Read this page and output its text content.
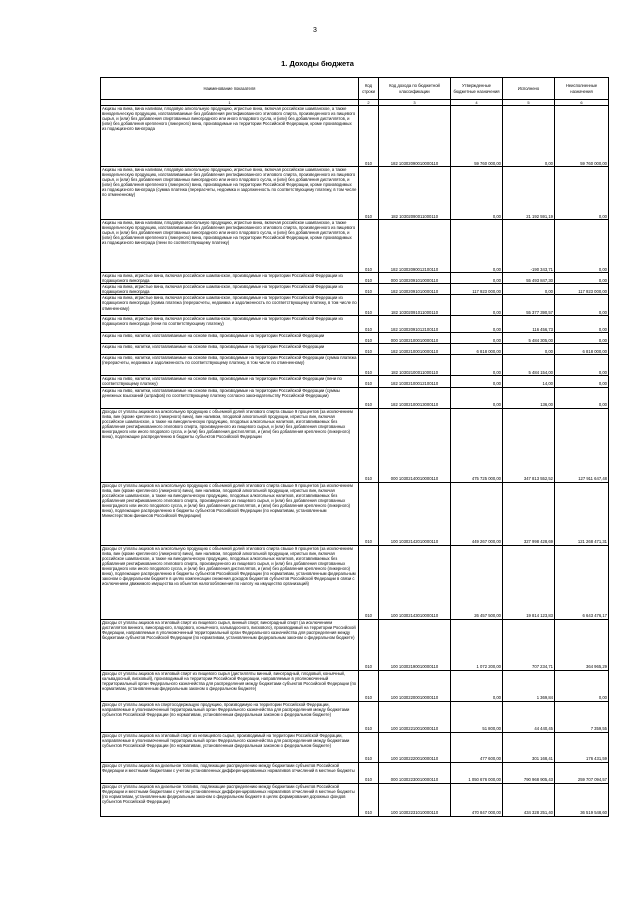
3
1. Доходы бюджета
Наименование показателя	Код строки	Код дохода по бюджетной классификации	Утвержденные бюджетные назначения	Исполнено	Неисполненные назначения
1	2	3	4	5	6
Акцизы на вина, вина наливом, плодовую алкогольную продукцию, игристые вина, включая российское шампанское, а также винодельческую продукцию, изготавливаемые без добавления ректификованного этилового спирта, произведенного из пищевого сырья, и (или) без добавления спиртованных виноградного или иного плодового сусла, и (или) без добавления дистиллятов, и (или) без добавления крепленого (ликерного) вина, производимые на территории Российской Федерации, кроме производимых из подакцизного винограда	010	182 10302090010000110	59 760 000,00	0,00	59 760 000,00
Акцизы на вина, вина наливом, плодовую алкогольную продукцию, игристые вина, включая российское шампанское, а также винодельческую продукцию, изготавливаемые без добавления ректификованного этилового спирта, произведенного из пищевого сырья, и (или) без добавления спиртованных виноградного или иного плодового сусла, и (или) без добавления дистиллятов, и (или) без добавления крепленого (ликерного) вина, производимые на территории Российской Федерации, кроме производимых из подакцизного винограда (сумма платежа (перерасчеты, недоимка и задолженность по соответствующему платежу, в том числе по отмененному)	010	182 10302090011000110	0,00	21 192 591,19	0,00
Акцизы на вина, вина наливом, плодовую алкогольную продукцию, игристые вина, включая российское шампанское, а также винодельческую продукцию, изготавливаемые без добавления ректификованного этилового спирта, произведенного из пищевого сырья, и (или) без добавления спиртованных виноградного или иного плодового сусла, и (или) без добавления дистиллятов, и (или) без добавления крепленого (ликерного) вина, производимые на территории Российской Федерации, кроме производимых из подакцизного винограда (пени по соответствующему платежу)	010	182 10302090012100110	0,00	-190 343,71	0,00
Акцизы на вина, игристые вина, включая российское шампанское, производимые на территории Российской Федерации из подакцизного винограда	010	000 10302091010000110	0,00	55 493 847,30	0,00
Акцизы на вина, игристые вина, включая российское шампанское, производимые на территории Российской Федерации из подакцизного винограда	010	182 10302091010000110	117 923 000,00	0,00	117 923 000,00
Акцизы на вина, игристые вина, включая российское шампанское, производимые на территории Российской Федерации из подакцизного винограда (сумма платежа (перерасчеты, недоимка и задолженность по соответствующему платежу, в том числе по отмененному)	010	182 10302091011000110	0,00	55 377 390,57	0,00
Акцизы на вина, игристые вина, включая российское шампанское, производимые на территории Российской Федерации из подакцизного винограда (пени по соответствующему платежу)	010	182 10302091012100110	0,00	116 456,73	0,00
Акцизы на пиво, напитки, изготавливаемые на основе пива, производимые на территории Российской Федерации	010	000 10302100010000110	0,00	5 484 305,00	0,00
Акцизы на пиво, напитки, изготавливаемые на основе пива, производимые на территории Российской Федерации	010	182 10302100010000110	6 818 000,00	0,00	6 818 000,00
Акцизы на пиво, напитки, изготавливаемые на основе пива, производимые на территории Российской Федерации (сумма платежа (перерасчеты, недоимка и задолженность по соответствующему платежу, в том числе по отмененному)	010	182 10302100011000110	0,00	5 484 154,00	0,00
Акцизы на пиво, напитки, изготавливаемые на основе пива, производимые на территории Российской Федерации (пени по соответствующему платежу)	010	182 10302100012100110	0,00	14,00	0,00
Акцизы на пиво, напитки, изготавливаемые на основе пива, производимые на территории Российской Федерации (суммы денежных взысканий (штрафов) по соответствующему платежу согласно законодательству Российской Федерации)	010	182 10302100013000110	0,00	136,00	0,00
Доходы от уплаты акцизов на алкогольную продукцию с объемной долей этилового спирта свыше 9 процентов (за исключением пива, вин (кроме крепленого (ликерного) вина), вин наливом, плодовой алкогольной продукции, игристых вин, включая российское шампанское, а также на винодельческую продукцию, плодовых алкогольных напитков, изготавливаемых без добавления ректификованного этилового спирта, произведенного из пищевого сырья, и (или) без добавления спиртованных виноградного или иного плодового сусла, и (или) без добавления дистиллятов, и (или) без добавления крепленого (ликерного) вина), подлежащие распределению в бюджеты субъектов Российской Федерации	010	000 10302140010000110	475 725 000,00	347 813 552,52	127 911 647,48
Доходы от уплаты акцизов на алкогольную продукцию с объемной долей этилового спирта свыше 9 процентов (за исключением пива, вин (кроме крепленого (ликерного) вина), вин наливом, плодовой алкогольной продукции, игристых вин, включая российское шампанское, а также на винодельческую продукцию, плодовых алкогольных напитков, изготавливаемых без добавления ректификованного этилового спирта, произведенного из пищевого сырья, и (или) без добавления спиртованных виноградного или иного плодового сусла, и (или) без добавления дистиллятов, и (или) без добавления крепленого (ликерного) вина), подлежащие распределению в бюджеты субъектов Российской Федерации (по нормативам, установленным Министерством финансов Российской Федерации)	010	100 10302142010000110	449 267 000,00	327 998 428,69	121 268 471,31
Доходы от уплаты акцизов на алкогольную продукцию с объемной долей этилового спирта свыше 9 процентов (за исключением пива, вин (кроме крепленого (ликерного) вина), вин наливом, плодовой алкогольной продукции, игристых вин, включая российское шампанское, а также на винодельческую продукцию, плодовых алкогольных напитков, изготавливаемых без добавления ректификованного этилового спирта, произведенного из пищевого сырья, и (или) без добавления спиртованных виноградного или иного плодового сусла, и (или) без добавления дистиллятов, и (или) без добавления крепленого (ликерного) вина), подлежащие распределению в бюджеты субъектов Российской Федерации (по нормативам, установленным федеральным законом о федеральном бюджете в целях компенсации снижения доходов бюджетов субъектов Российской Федерации в связи с исключением движимого имущества из объектов налогообложения по налогу на имущество организаций)	010	100 10302143010000110	26 457 500,00	19 814 123,83	6 643 476,17
Доходы от уплаты акцизов на этиловый спирт из пищевого сырья, винный спирт, виноградный спирт (за исключением дистиллятов винного, виноградного, плодового, коньячного, кальвадосного, вискового), производимый на территории Российской Федерации, направляемые в уполномоченный территориальный орган Федерального казначейства для распределения между бюджетами субъектов Российской Федерации (по нормативам, установленным федеральным законом о федеральном бюджете)	010	100 10302190010000110	1 072 200,00	707 234,71	364 965,29
Доходы от уплаты акцизов на этиловый спирт из пищевого сырья (дистилляты винный, виноградный, плодовый, коньячный, кальвадосный, висковый), производимый на территории Российской Федерации, направляемые в уполномоченный территориальный орган Федерального казначейства для распределения между бюджетами субъектов Российской Федерации (по нормативам, установленным федеральным законом о федеральном бюджете)	010	100 10302200010000110	0,00	1 369,84	0,00
Доходы от уплаты акцизов на спиртосодержащую продукцию, производимую на территории Российской Федерации, направляемые в уполномоченный территориальный орган Федерального казначейства для распределения между бюджетами субъектов Российской Федерации (по нормативам, установленным федеральным законом о федеральном бюджете)	010	100 10302210010000110	51 800,00	44 440,45	7 359,55
Доходы от уплаты акцизов на этиловый спирт из непищевого сырья, производимый на территории Российской Федерации, направляемые в уполномоченный территориальный орган Федерального казначейства для распределения между бюджетами субъектов Российской Федерации (по нормативам, установленным федеральным законом о федеральном бюджете)	010	100 10302220010000110	477 600,00	301 168,41	176 431,59
Доходы от уплаты акцизов на дизельное топливо, подлежащие распределению между бюджетами субъектов Российской Федерации и местными бюджетами с учетом установленных дифференцированных нормативов отчислений в местные бюджеты	010	000 10302230010000110	1 050 676 000,00	790 968 905,43	259 707 094,57
Доходы от уплаты акцизов на дизельное топливо, подлежащие распределению между бюджетами субъектов Российской Федерации и местными бюджетами с учетом установленных дифференцированных нормативов отчислений в местные бюджеты (по нормативам, установленным федеральным законом о федеральном бюджете в целях формирования дорожных фондов субъектов Российской Федерации)	010	100 10302231010000110	470 847 000,00	434 328 251,40	36 519 548,60
